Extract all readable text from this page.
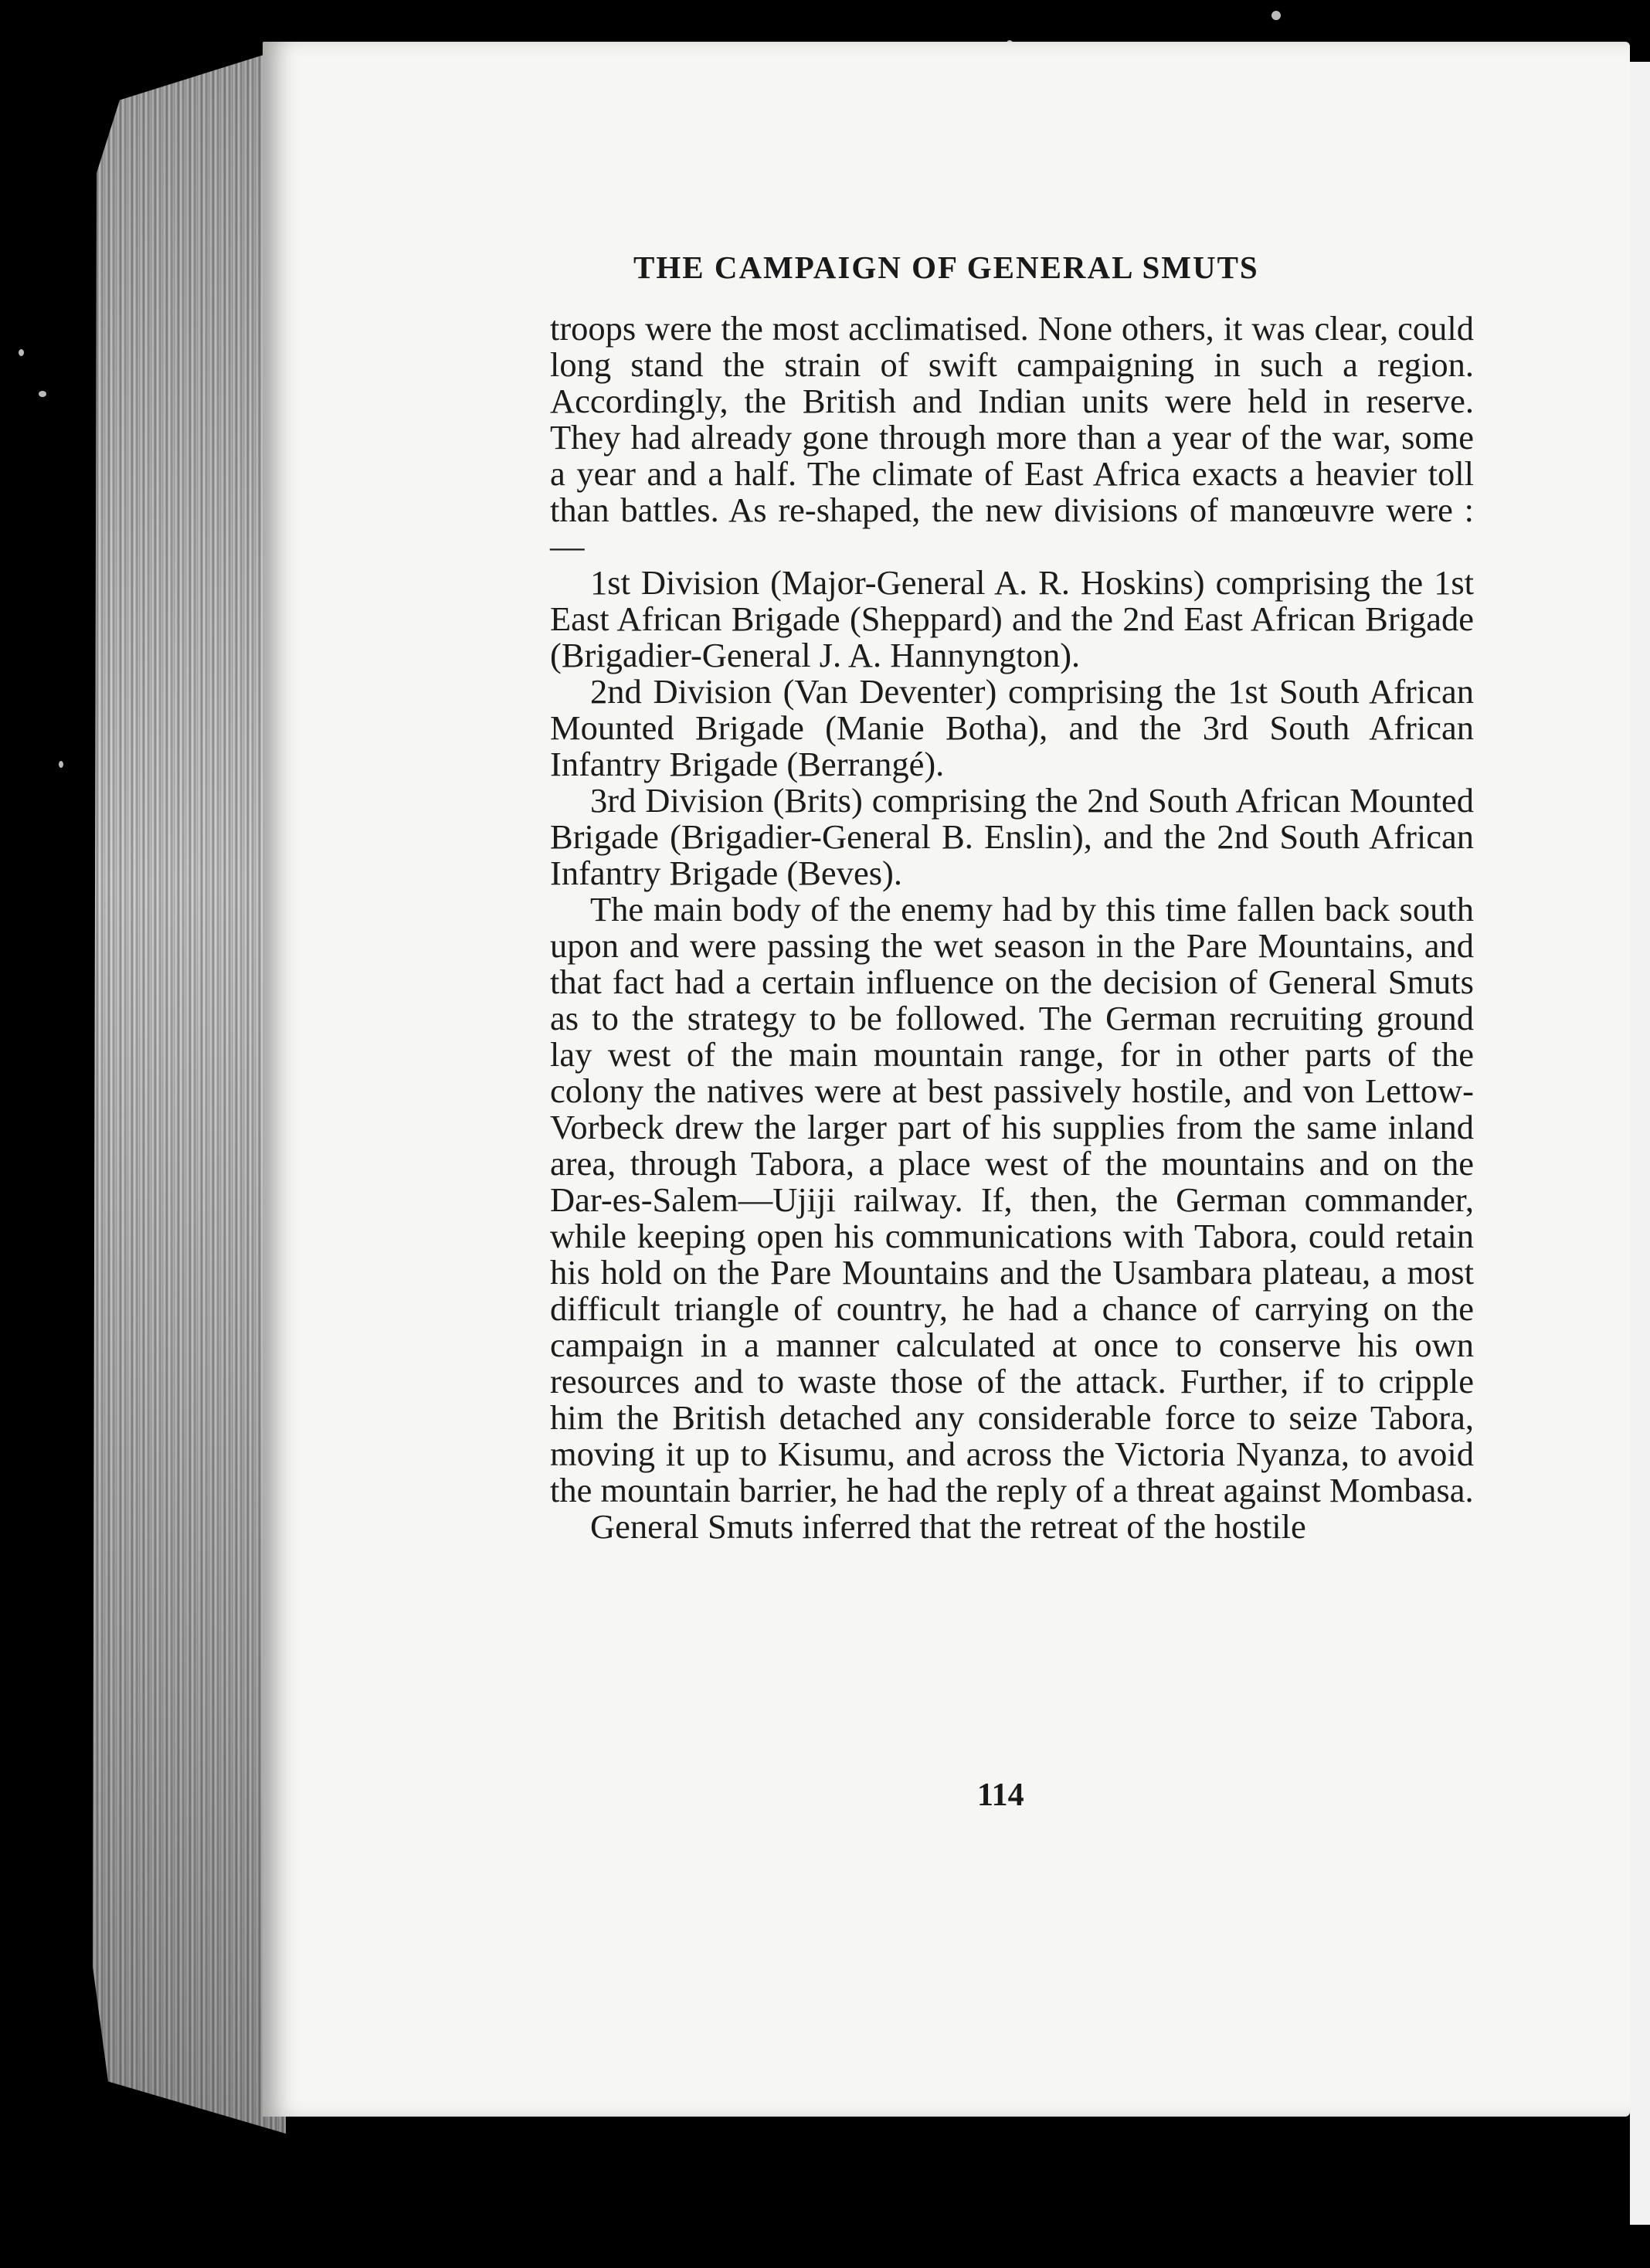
THE CAMPAIGN OF GENERAL SMUTS

troops were the most acclimatised. None others, it was clear, could long stand the strain of swift campaigning in such a region. Accordingly, the British and Indian units were held in reserve. They had already gone through more than a year of the war, some a year and a half. The climate of East Africa exacts a heavier toll than battles. As re-shaped, the new divisions of manœuvre were :—

1st Division (Major-General A. R. Hoskins) comprising the 1st East African Brigade (Sheppard) and the 2nd East African Brigade (Brigadier-General J. A. Hannyngton).

2nd Division (Van Deventer) comprising the 1st South African Mounted Brigade (Manie Botha), and the 3rd South African Infantry Brigade (Berrangé).

3rd Division (Brits) comprising the 2nd South African Mounted Brigade (Brigadier-General B. Enslin), and the 2nd South African Infantry Brigade (Beves).

The main body of the enemy had by this time fallen back south upon and were passing the wet season in the Pare Mountains, and that fact had a certain influence on the decision of General Smuts as to the strategy to be followed. The German recruiting ground lay west of the main mountain range, for in other parts of the colony the natives were at best passively hostile, and von Lettow-Vorbeck drew the larger part of his supplies from the same inland area, through Tabora, a place west of the mountains and on the Dar-es-Salem—Ujiji railway. If, then, the German commander, while keeping open his communications with Tabora, could retain his hold on the Pare Mountains and the Usambara plateau, a most difficult triangle of country, he had a chance of carrying on the campaign in a manner calculated at once to conserve his own resources and to waste those of the attack. Further, if to cripple him the British detached any considerable force to seize Tabora, moving it up to Kisumu, and across the Victoria Nyanza, to avoid the mountain barrier, he had the reply of a threat against Mombasa.

General Smuts inferred that the retreat of the hostile

114
